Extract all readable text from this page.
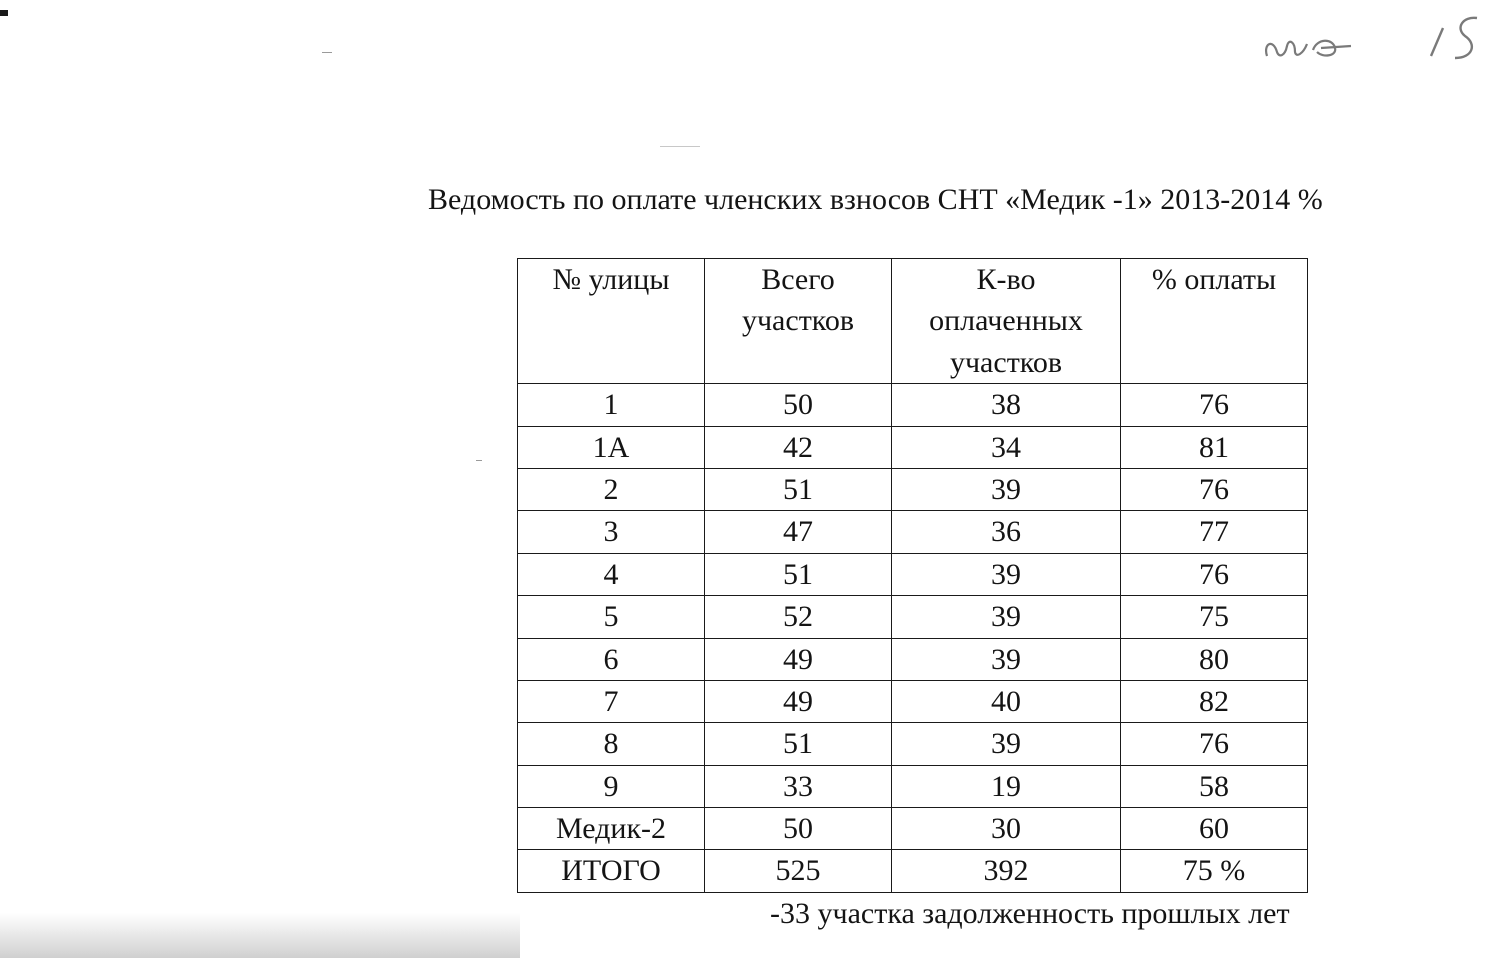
Ведомость по оплате членских взносов СНТ «Медик -1» 2013-2014 %
№ улицы	Всего участков	К-во оплаченных участков	% оплаты
1	50	38	76
1А	42	34	81
2	51	39	76
3	47	36	77
4	51	39	76
5	52	39	75
6	49	39	80
7	49	40	82
8	51	39	76
9	33	19	58
Медик-2	50	30	60
ИТОГО	525	392	75 %
-33 участка задолженность прошлых лет
